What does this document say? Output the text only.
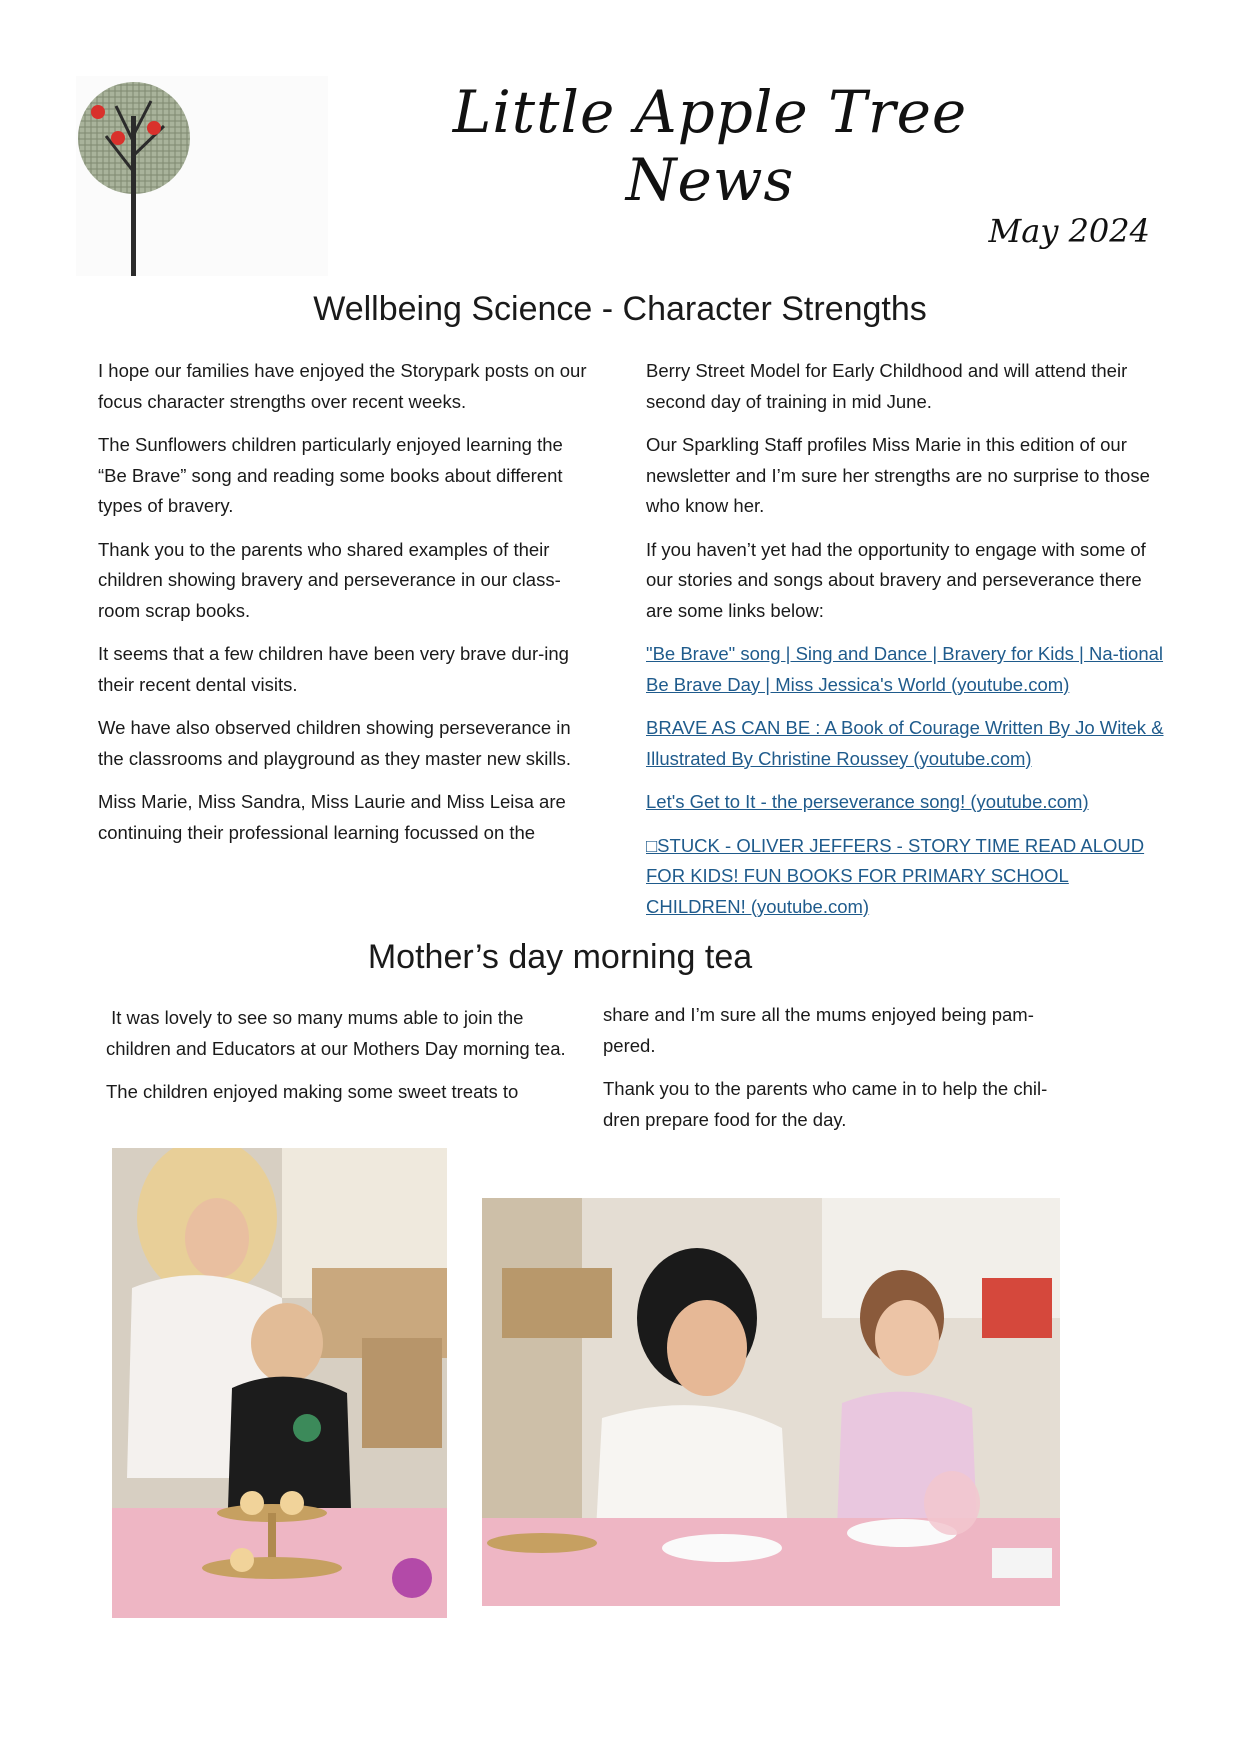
Little Apple Tree News
May 2024
Wellbeing Science - Character Strengths

I hope our families have enjoyed the Storypark posts on our focus character strengths over recent weeks.

The Sunflowers children particularly enjoyed learning the “Be Brave” song and reading some books about different types of bravery.

Thank you to the parents who shared examples of their children showing bravery and perseverance in our class-room scrap books.

It seems that a few children have been very brave dur-ing their recent dental visits.

We have also observed children showing perseverance in the classrooms and playground as they master new skills.

Miss Marie, Miss Sandra, Miss Laurie and Miss Leisa are continuing their professional learning focussed on the

Berry Street Model for Early Childhood and will attend their second day of training in mid June.

Our Sparkling Staff profiles Miss Marie in this edition of our newsletter and I’m sure her strengths are no surprise to those who know her.

If you haven’t yet had the opportunity to engage with some of our stories and songs about bravery and perseverance there are some links below:

"Be Brave" song | Sing and Dance | Bravery for Kids | Na-tional Be Brave Day | Miss Jessica's World (youtube.com)
BRAVE AS CAN BE : A Book of Courage Written By Jo Witek & Illustrated By Christine Roussey (youtube.com)
Let's Get to It - the perseverance song! (youtube.com)
□STUCK - OLIVER JEFFERS - STORY TIME READ ALOUD FOR KIDS! FUN BOOKS FOR PRIMARY SCHOOL CHILDREN! (youtube.com)
Mother’s day morning tea

It was lovely to see so many mums able to join the children and Educators at our Mothers Day morning tea.

The children enjoyed making some sweet treats to

share and I’m sure all the mums enjoyed being pam-pered.

Thank you to the parents who came in to help the chil-dren prepare food for the day.
